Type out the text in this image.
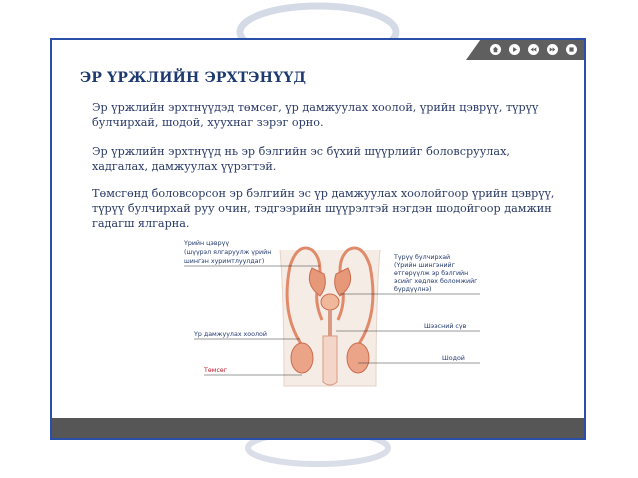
ЭР ҮРЖЛИЙН ЭРХТЭНҮҮД

Эр үржлийн эрхтнүүдэд төмсөг, үр дамжуулах хоолой, үрийн цэврүү, түрүү булчирхай, шодой, хуухнаг зэрэг орно.

Эр үржлийн эрхтнүүд нь эр бэлгийн эс бүхий шүүрлийг боловсруулах, хадгалах, дамжуулах үүрэгтэй.

Төмсгөнд боловсорсон эр бэлгийн эс үр дамжуулах хоолойгоор үрийн цэврүү, түрүү булчирхай руу очин, тэдгээрийн шүүрэлтэй нэгдэн шодойгоор дамжин гадагш ялгарна.

Үрийн цэврүү
(шүүрэл ялгаруулж үрийн
шингэн хуримтлуулдаг)
Үр дамжуулах хоолой
Төмсөг
Түрүү булчирхай
(Үрийн шингэнийг
өтгөрүүлж эр бэлгийн
эсийг хөдлөх боломжийг
бүрдүүлнэ)
Шээсний сүв
Шодой
